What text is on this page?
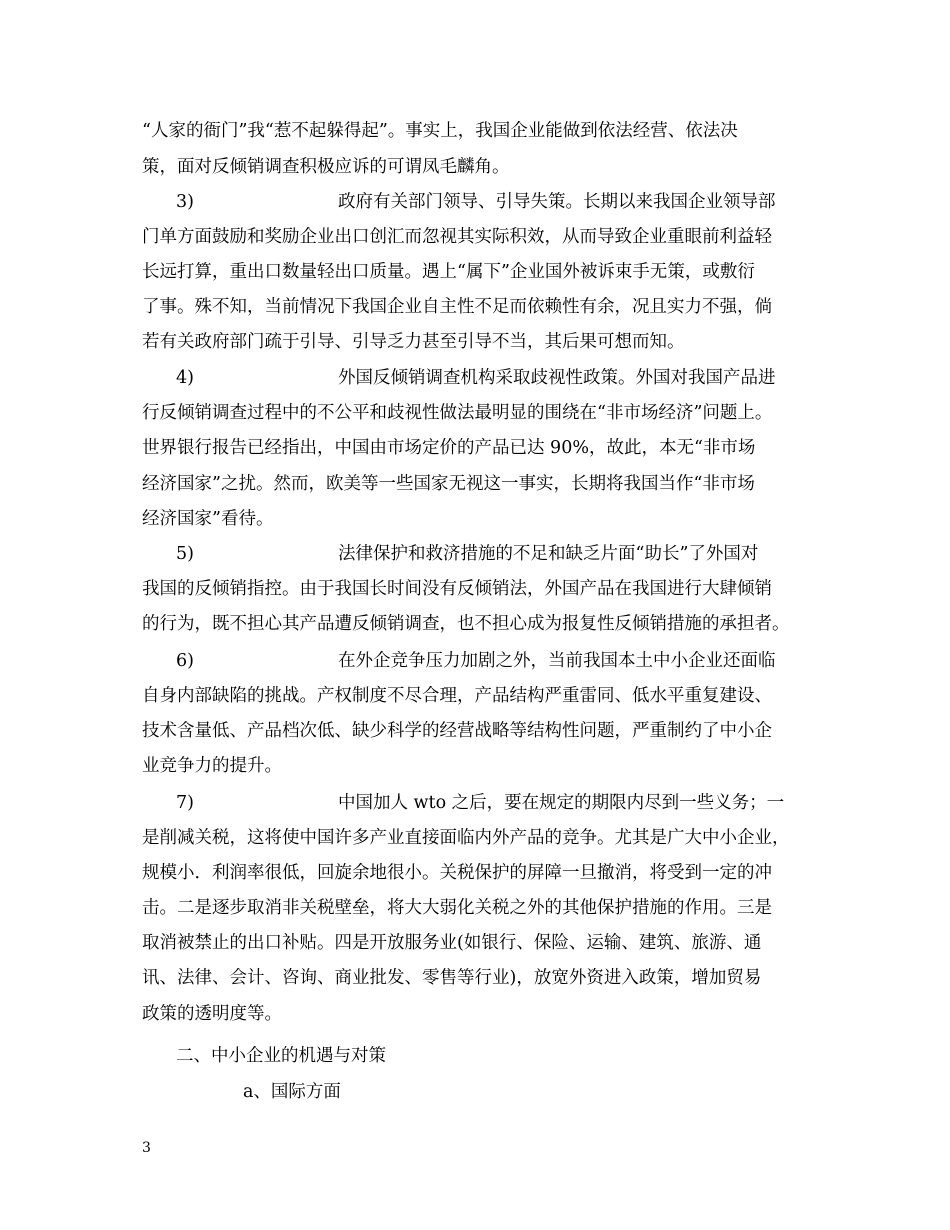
“人家的衙门”我“惹不起躲得起”。事实上，我国企业能做到依法经营、依法决
策，面对反倾销调查积极应诉的可谓凤毛麟角。
3)	政府有关部门领导、引导失策。长期以来我国企业领导部
门单方面鼓励和奖励企业出口创汇而忽视其实际积效，从而导致企业重眼前利益轻
长远打算，重出口数量轻出口质量。遇上“属下”企业国外被诉束手无策，或敷衍
了事。殊不知，当前情况下我国企业自主性不足而依赖性有余，况且实力不强，倘
若有关政府部门疏于引导、引导乏力甚至引导不当，其后果可想而知。
4)	外国反倾销调查机构采取歧视性政策。外国对我国产品进
行反倾销调查过程中的不公平和歧视性做法最明显的围绕在“非市场经济”问题上。
世界银行报告已经指出，中国由市场定价的产品已达 90%，故此，本无“非市场
经济国家”之扰。然而，欧美等一些国家无视这一事实，长期将我国当作“非市场
经济国家”看待。
5)	法律保护和救济措施的不足和缺乏片面“助长”了外国对
我国的反倾销指控。由于我国长时间没有反倾销法，外国产品在我国进行大肆倾销
的行为，既不担心其产品遭反倾销调查，也不担心成为报复性反倾销措施的承担者。
6)	在外企竞争压力加剧之外，当前我国本土中小企业还面临
自身内部缺陷的挑战。产权制度不尽合理，产品结构严重雷同、低水平重复建设、
技术含量低、产品档次低、缺少科学的经营战略等结构性问题，严重制约了中小企
业竞争力的提升。
7)	中国加人 wto 之后，要在规定的期限内尽到一些义务；一
是削减关税，这将使中国许多产业直接面临内外产品的竞争。尤其是广大中小企业，
规模小．利润率很低，回旋余地很小。关税保护的屏障一旦撤消，将受到一定的冲
击。二是逐步取消非关税壁垒，将大大弱化关税之外的其他保护措施的作用。三是
取消被禁止的出口补贴。四是开放服务业(如银行、保险、运输、建筑、旅游、通
讯、法律、会计、咨询、商业批发、零售等行业)，放宽外资进入政策，增加贸易
政策的透明度等。
二、中小企业的机遇与对策
a、国际方面
3
